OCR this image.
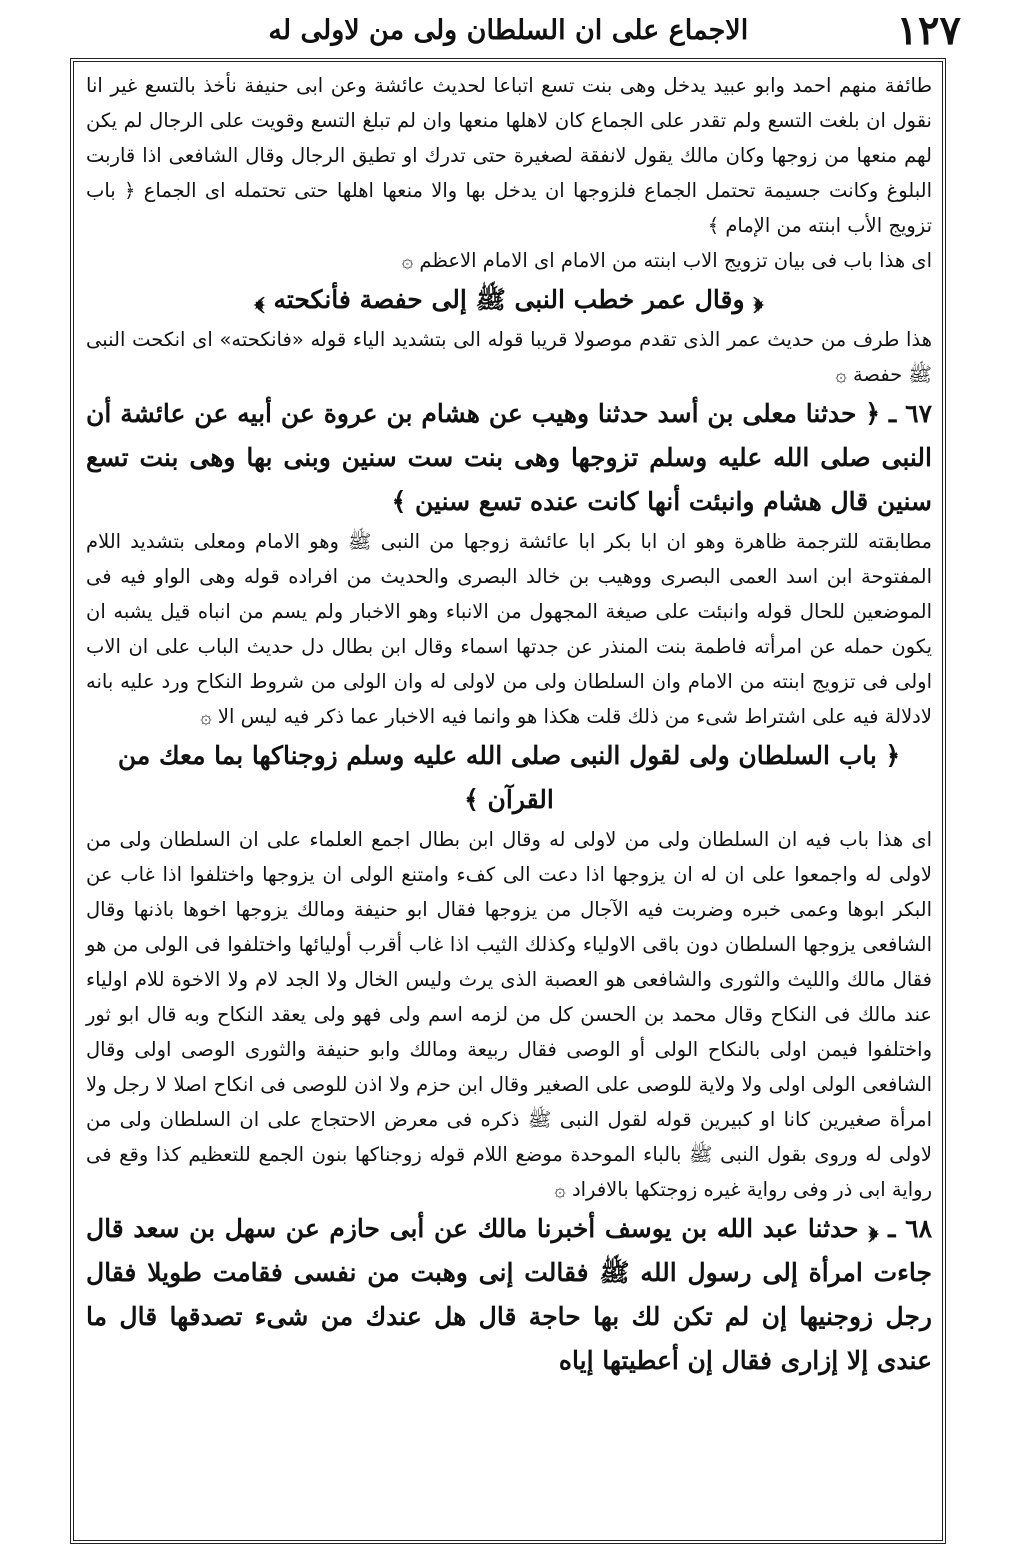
١٢٧
الاجماع علی ان السلطان ولی من لاولی له

طائفة منهم احمد وابو عبید یدخل وھی بنت تسع اتباعا لحدیث عائشة وعن ابی حنیفة نأخذ بالتسع غیر انا نقول ان بلغت التسع ولم تقدر علی الجماع کان لاهلها منعها وان لم تبلغ التسع وقویت علی الرجال لم یکن لهم منعها من زوجها وکان مالك یقول لانفقة لصغیرة حتی تدرك او تطیق الرجال وقال الشافعی اذا قاربت البلوغ وکانت جسیمة تحتمل الجماع فلزوجها ان یدخل بها والا منعها اهلها حتی تحتمله ای الجماع ﴿ باب تزویج الأب ابنته من الإمام ﴾

ای هذا باب فی بیان تزویج الاب ابنته من الامام ای الامام الاعظم ۞

﴿ وقال عمر خطب النبی ﷺ إلی حفصة فأنکحته ﴾

هذا طرف من حدیث عمر الذی تقدم موصولا قریبا قوله الی بتشدید الیاء قوله «فانکحته» ای انکحت النبی ﷺ حفصة ۞

٦٧ ـ ﴿ حدثنا معلی بن أسد حدثنا وهیب عن هشام بن عروة عن أبیه عن عائشة أن النبی صلی الله علیه وسلم تزوجها وهی بنت ست سنین وبنی بها وهی بنت تسع سنین قال هشام وانبئت أنها کانت عنده تسع سنین ﴾

مطابقته للترجمة ظاهرة وهو ان ابا بکر ابا عائشة زوجها من النبی ﷺ وهو الامام ومعلی بتشدید اللام المفتوحة ابن اسد العمی البصری ووهیب بن خالد البصری والحدیث من افراده قوله وهی الواو فیه فی الموضعین للحال قوله وانبئت علی صیغة المجهول من الانباء وهو الاخبار ولم یسم من انباه قیل یشبه ان یکون حمله عن امرأته فاطمة بنت المنذر عن جدتها اسماء وقال ابن بطال دل حدیث الباب علی ان الاب اولی فی تزویج ابنته من الامام وان السلطان ولی من لاولی له وان الولی من شروط النکاح ورد علیه بانه لادلالة فیه علی اشتراط شیء من ذلك قلت هکذا هو وانما فیه الاخبار عما ذکر فیه لیس الا ۞

﴿ باب السلطان ولی لقول النبی صلی الله علیه وسلم زوجناکها بما معك من القرآن ﴾

ای هذا باب فیه ان السلطان ولی من لاولی له وقال ابن بطال اجمع العلماء علی ان السلطان ولی من لاولی له واجمعوا علی ان له ان یزوجها اذا دعت الی کفء وامتنع الولی ان یزوجها واختلفوا اذا غاب عن البکر ابوها وعمی خبره وضربت فیه الآجال من یزوجها فقال ابو حنیفة ومالك یزوجها اخوها باذنها وقال الشافعی یزوجها السلطان دون باقی الاولیاء وکذلك الثیب اذا غاب أقرب أولیائها واختلفوا فی الولی من هو فقال مالك واللیث والثوری والشافعی هو العصبة الذی یرث ولیس الخال ولا الجد لام ولا الاخوة للام اولیاء عند مالك فی النکاح وقال محمد بن الحسن کل من لزمه اسم ولی فهو ولی یعقد النکاح وبه قال ابو ثور واختلفوا فیمن اولی بالنکاح الولی أو الوصی فقال ربیعة ومالك وابو حنیفة والثوری الوصی اولی وقال الشافعی الولی اولی ولا ولایة للوصی علی الصغیر وقال ابن حزم ولا اذن للوصی فی انکاح اصلا لا رجل ولا امرأة صغیرین کانا او کبیرین قوله لقول النبی ﷺ ذکره فی معرض الاحتجاج علی ان السلطان ولی من لاولی له وروی بقول النبی ﷺ بالباء الموحدة موضع اللام قوله زوجناکها بنون الجمع للتعظیم کذا وقع فی روایة ابی ذر وفی روایة غیره زوجتکها بالافراد ۞

٦٨ ـ ﴿ حدثنا عبد الله بن یوسف أخبرنا مالك عن أبی حازم عن سهل بن سعد قال جاءت امرأة إلی رسول الله ﷺ فقالت إنی وهبت من نفسی فقامت طویلا فقال رجل زوجنیها إن لم تکن لك بها حاجة قال هل عندك من شیء تصدقها قال ما عندی إلا إزاری فقال إن أعطیتها إیاه
